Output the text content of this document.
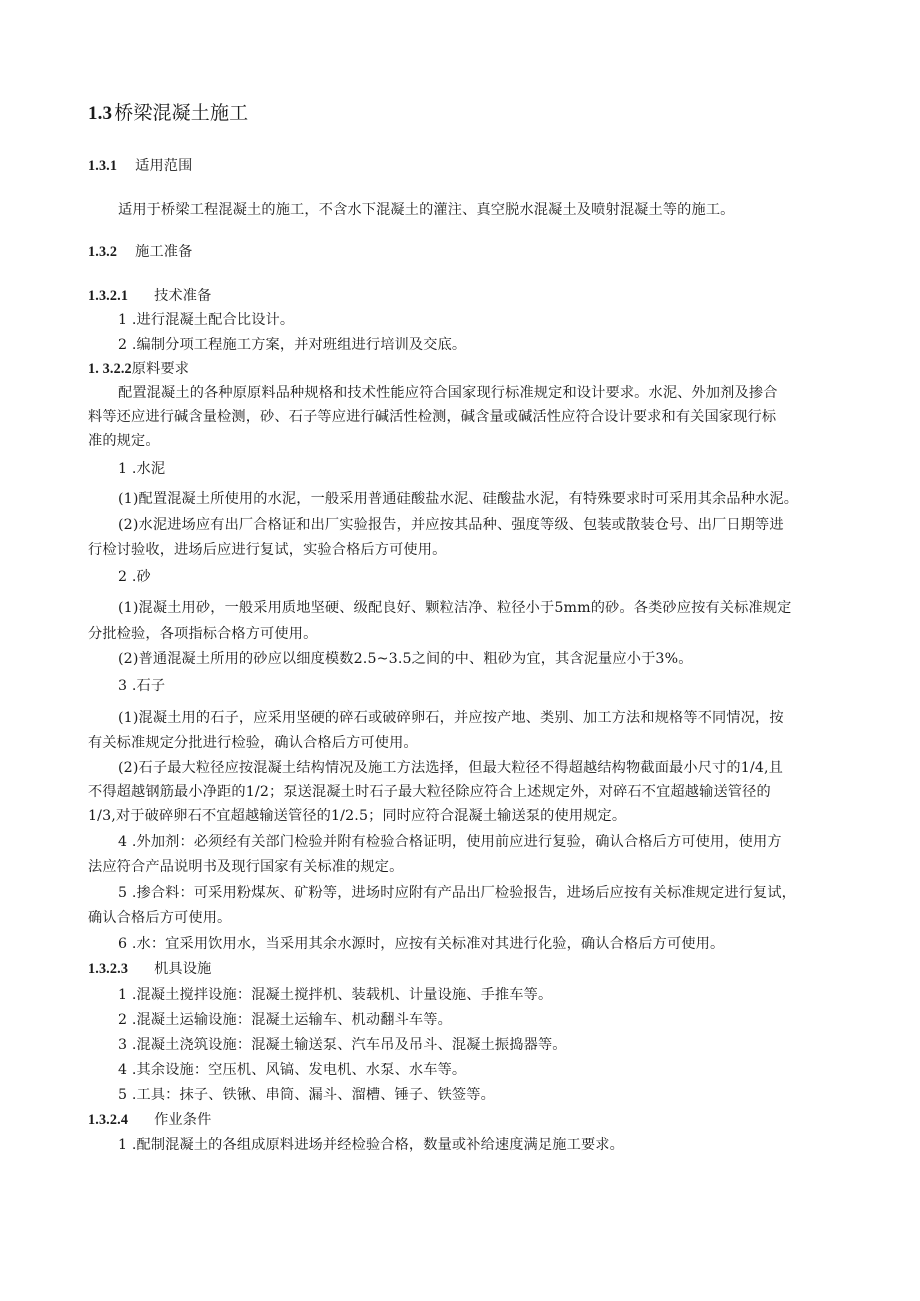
1.3 桥梁混凝土施工
1.3.1 适用范围
适用于桥梁工程混凝土的施工，不含水下混凝土的灌注、真空脱水混凝土及喷射混凝土等的施工。
1.3.2 施工准备
1.3.2.1 技术准备
1 .进行混凝土配合比设计。
2 .编制分项工程施工方案，并对班组进行培训及交底。
1. 3.2.2原料要求
配置混凝土的各种原原料品种规格和技术性能应符合国家现行标准规定和设计要求。水泥、外加剂及掺合
料等还应进行碱含量检测，砂、石子等应进行碱活性检测，碱含量或碱活性应符合设计要求和有关国家现行标
准的规定。
1 .水泥
(1)配置混凝土所使用的水泥，一般采用普通硅酸盐水泥、硅酸盐水泥，有特殊要求时可采用其余品种水泥。
(2)水泥进场应有出厂合格证和出厂实验报告，并应按其品种、强度等级、包装或散装仓号、出厂日期等进
行检讨验收，进场后应进行复试，实验合格后方可使用。
2 .砂
(1)混凝土用砂，一般采用质地坚硬、级配良好、颗粒洁净、粒径小于5mm的砂。各类砂应按有关标准规定
分批检验，各项指标合格方可使用。
(2)普通混凝土所用的砂应以细度模数2.5~3.5之间的中、粗砂为宜，其含泥量应小于3%。
3 .石子
(1)混凝土用的石子，应采用坚硬的碎石或破碎卵石，并应按产地、类别、加工方法和规格等不同情况，按
有关标准规定分批进行检验，确认合格后方可使用。
(2)石子最大粒径应按混凝土结构情况及施工方法选择，但最大粒径不得超越结构物截面最小尺寸的1/4,且
不得超越钢筋最小净距的1/2；泵送混凝土时石子最大粒径除应符合上述规定外，对碎石不宜超越输送管径的
1/3,对于破碎卵石不宜超越输送管径的1/2.5；同时应符合混凝土输送泵的使用规定。
4 .外加剂：必须经有关部门检验并附有检验合格证明，使用前应进行复验，确认合格后方可使用，使用方
法应符合产品说明书及现行国家有关标准的规定。
5 .掺合料：可采用粉煤灰、矿粉等，进场时应附有产品出厂检验报告，进场后应按有关标准规定进行复试，
确认合格后方可使用。
6 .水：宜采用饮用水，当采用其余水源时，应按有关标准对其进行化验，确认合格后方可使用。
1.3.2.3 机具设施
1 .混凝土搅拌设施：混凝土搅拌机、装载机、计量设施、手推车等。
2 .混凝土运输设施：混凝土运输车、机动翻斗车等。
3 .混凝土浇筑设施：混凝土输送泵、汽车吊及吊斗、混凝土振捣器等。
4 .其余设施：空压机、风镐、发电机、水泵、水车等。
5 .工具：抹子、铁锹、串筒、漏斗、溜槽、锤子、铁签等。
1.3.2.4 作业条件
1 .配制混凝土的各组成原料进场并经检验合格，数量或补给速度满足施工要求。
